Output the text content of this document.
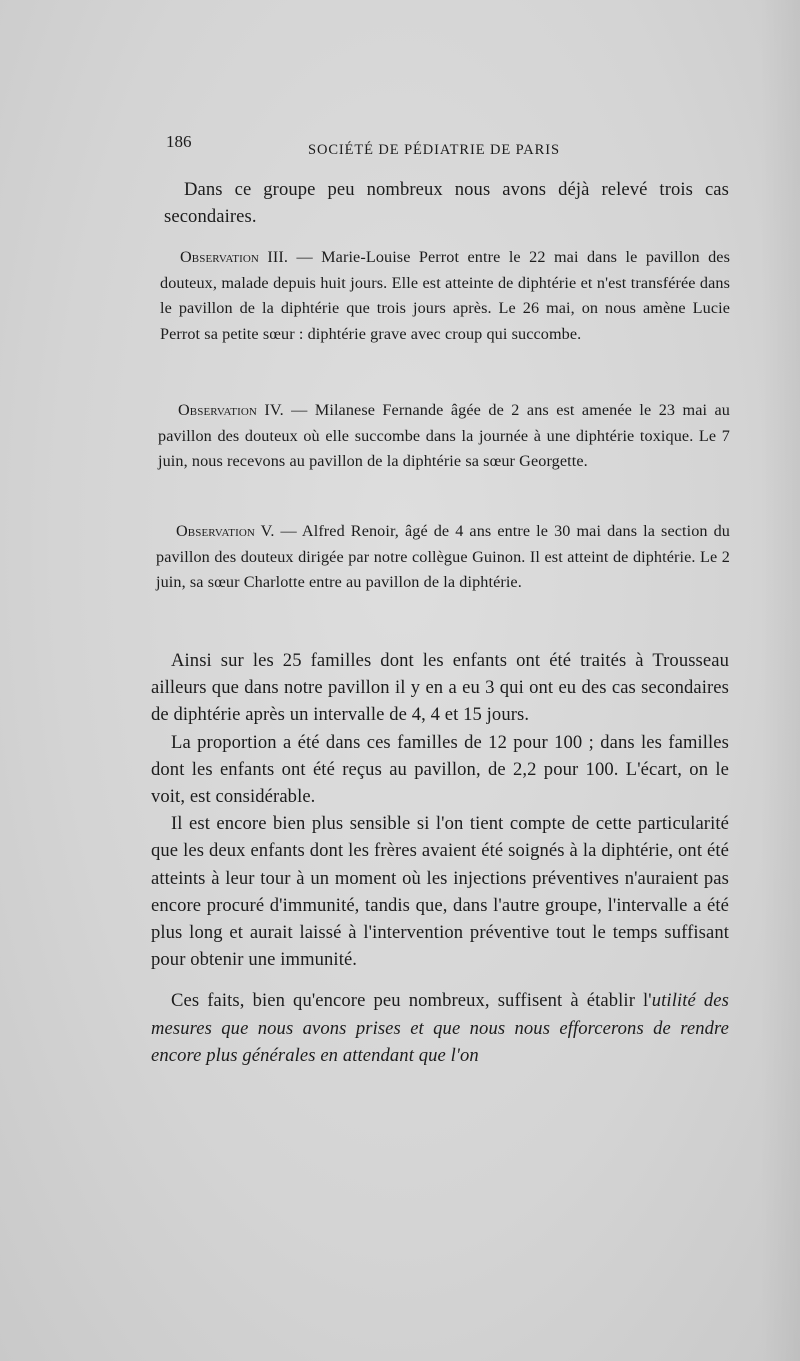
186	SOCIÉTÉ DE PÉDIATRIE DE PARIS

Dans ce groupe peu nombreux nous avons déjà relevé trois cas secondaires.

Observation III. — Marie-Louise Perrot entre le 22 mai dans le pavillon des douteux, malade depuis huit jours. Elle est atteinte de diphtérie et n'est transférée dans le pavillon de la diphtérie que trois jours après. Le 26 mai, on nous amène Lucie Perrot sa petite sœur : diphtérie grave avec croup qui succombe.

Observation IV. — Milanese Fernande âgée de 2 ans est amenée le 23 mai au pavillon des douteux où elle succombe dans la journée à une diphtérie toxique. Le 7 juin, nous recevons au pavillon de la diphtérie sa sœur Georgette.

Observation V. — Alfred Renoir, âgé de 4 ans entre le 30 mai dans la section du pavillon des douteux dirigée par notre collègue Guinon. Il est atteint de diphtérie. Le 2 juin, sa sœur Charlotte entre au pavillon de la diphtérie.

Ainsi sur les 25 familles dont les enfants ont été traités à Trousseau ailleurs que dans notre pavillon il y en a eu 3 qui ont eu des cas secondaires de diphtérie après un intervalle de 4, 4 et 15 jours.

La proportion a été dans ces familles de 12 pour 100 ; dans les familles dont les enfants ont été reçus au pavillon, de 2,2 pour 100. L'écart, on le voit, est considérable.

Il est encore bien plus sensible si l'on tient compte de cette particularité que les deux enfants dont les frères avaient été soignés à la diphtérie, ont été atteints à leur tour à un moment où les injections préventives n'auraient pas encore procuré d'immunité, tandis que, dans l'autre groupe, l'intervalle a été plus long et aurait laissé à l'intervention préventive tout le temps suffisant pour obtenir une immunité.

Ces faits, bien qu'encore peu nombreux, suffisent à établir l'utilité des mesures que nous avons prises et que nous nous efforcerons de rendre encore plus générales en attendant que l'on
